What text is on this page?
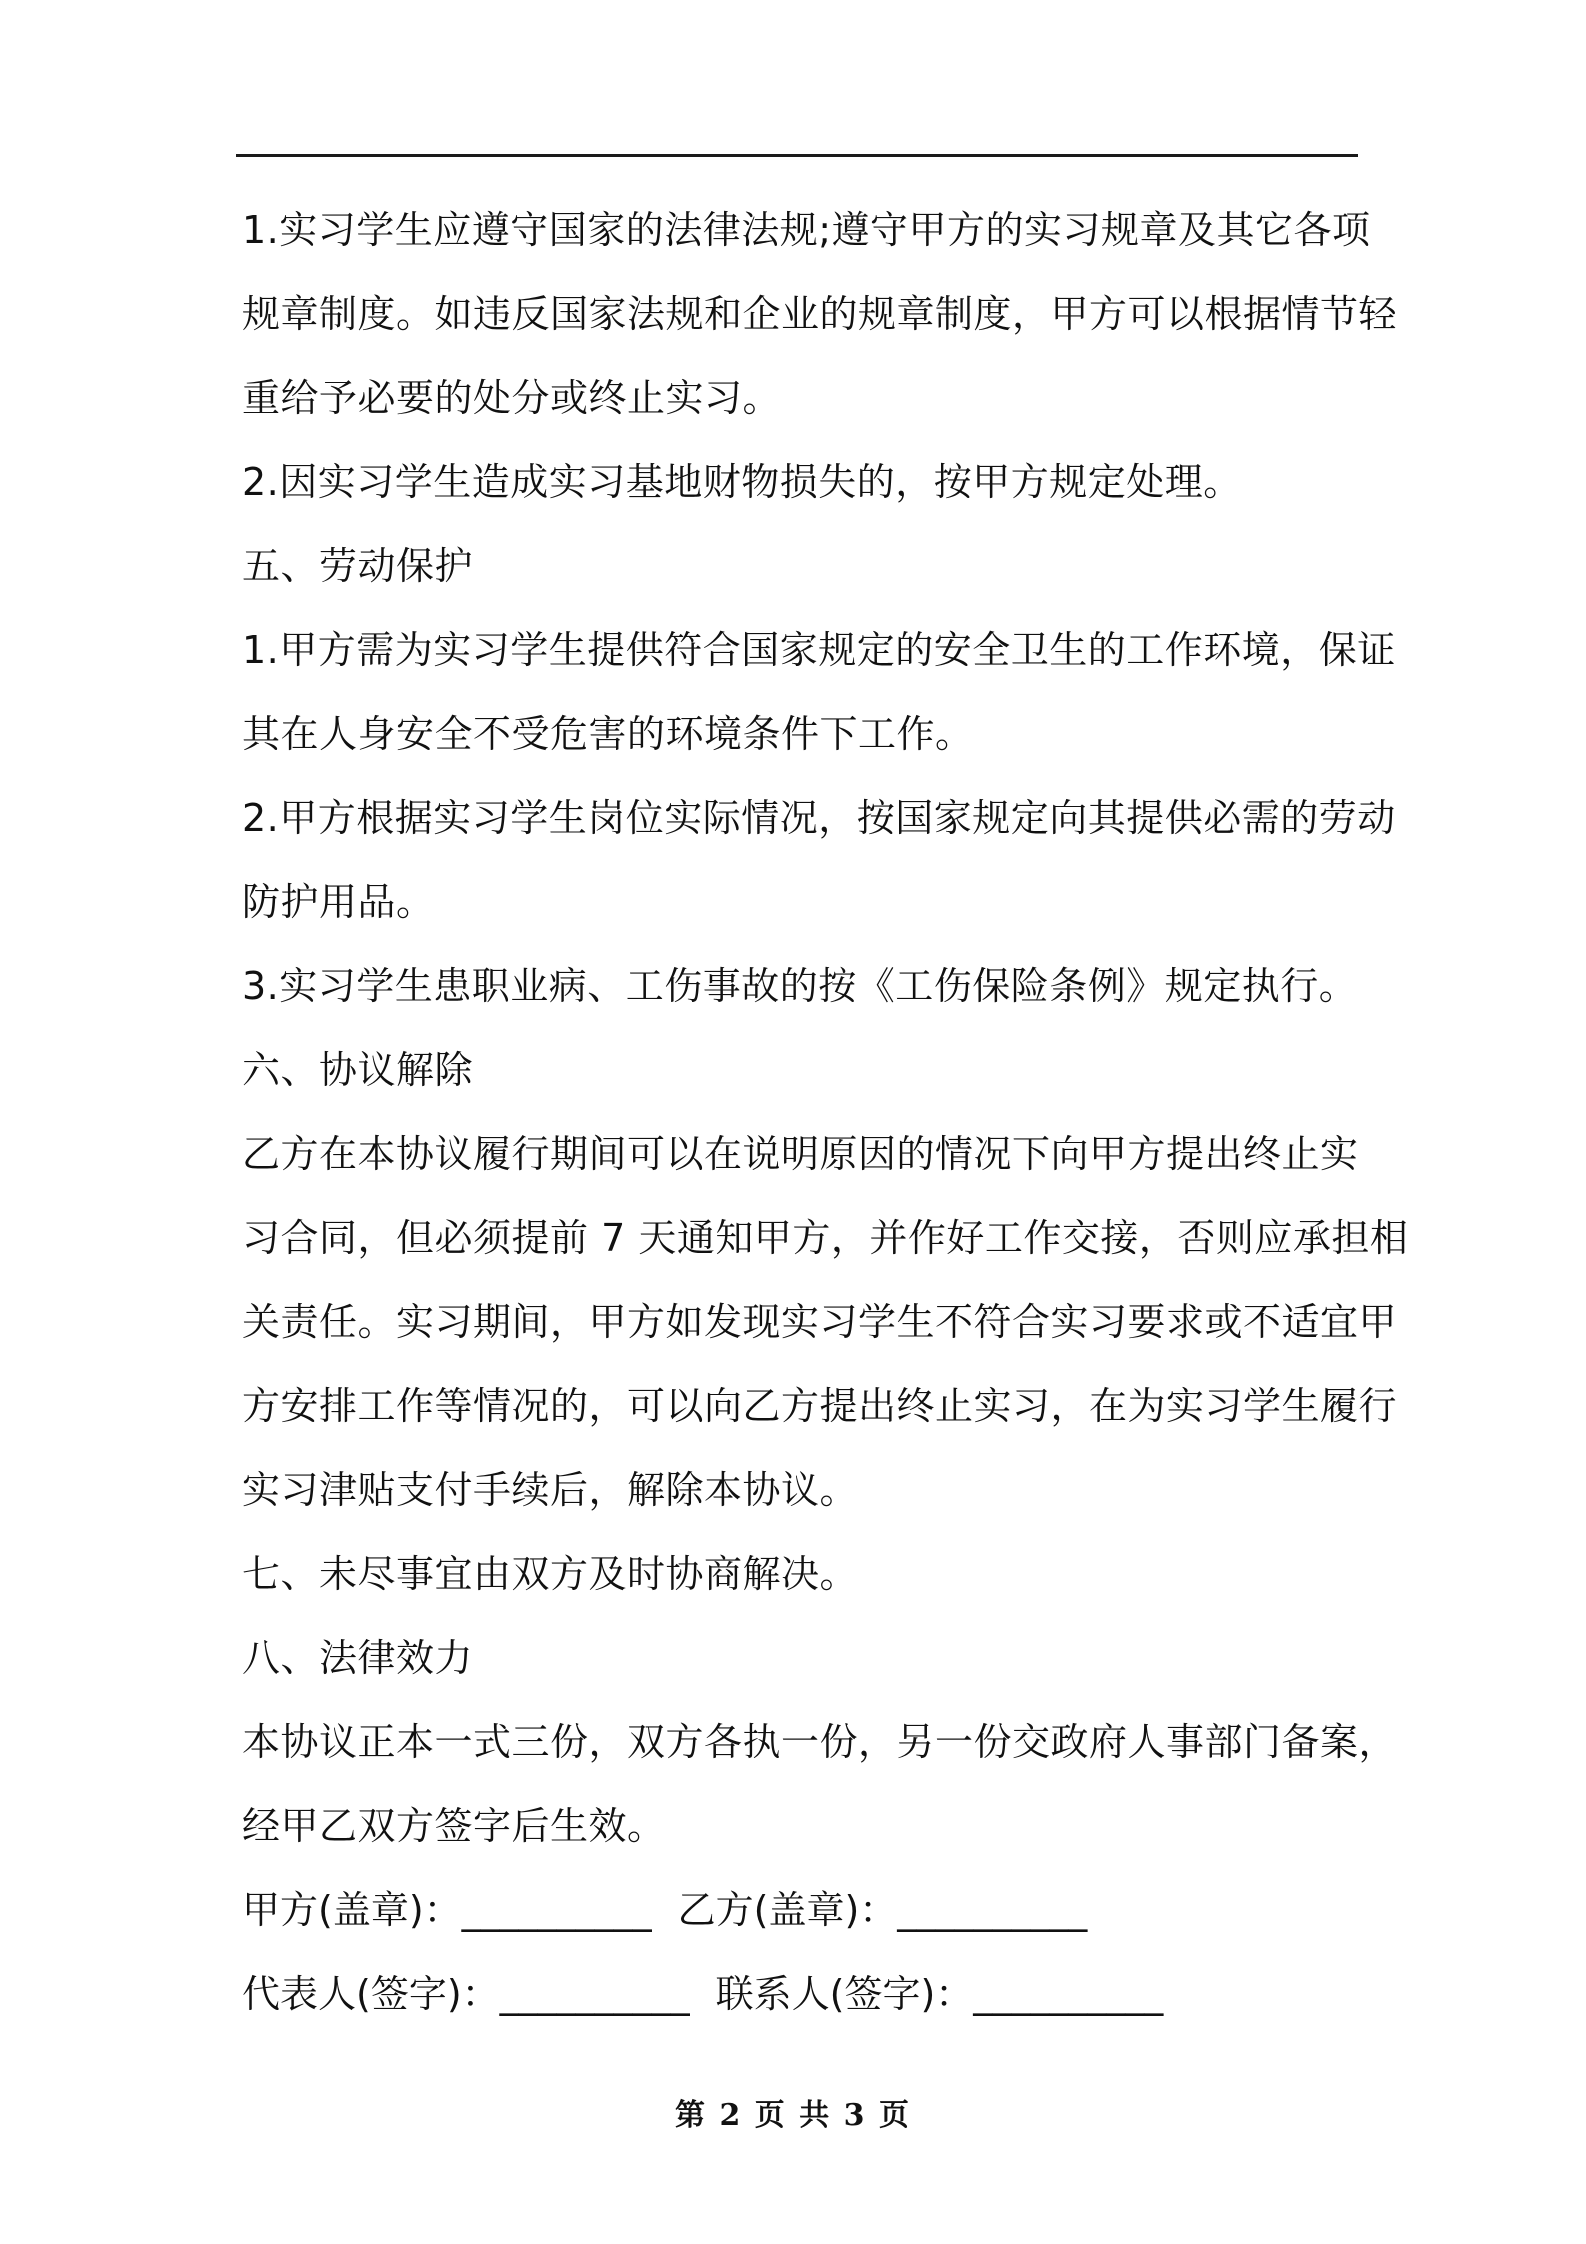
1.实习学生应遵守国家的法律法规;遵守甲方的实习规章及其它各项
规章制度。如违反国家法规和企业的规章制度，甲方可以根据情节轻
重给予必要的处分或终止实习。
2.因实习学生造成实习基地财物损失的，按甲方规定处理。
五、劳动保护
1.甲方需为实习学生提供符合国家规定的安全卫生的工作环境，保证
其在人身安全不受危害的环境条件下工作。
2.甲方根据实习学生岗位实际情况，按国家规定向其提供必需的劳动
防护用品。
3.实习学生患职业病、工伤事故的按《工伤保险条例》规定执行。
六、协议解除
乙方在本协议履行期间可以在说明原因的情况下向甲方提出终止实
习合同，但必须提前 7 天通知甲方，并作好工作交接，否则应承担相
关责任。实习期间，甲方如发现实习学生不符合实习要求或不适宜甲
方安排工作等情况的，可以向乙方提出终止实习，在为实习学生履行
实习津贴支付手续后，解除本协议。
七、未尽事宜由双方及时协商解决。
八、法律效力
本协议正本一式三份，双方各执一份，另一份交政府人事部门备案，
经甲乙双方签字后生效。
甲方(盖章)：__________ 乙方(盖章)：__________
代表人(签字)：__________ 联系人(签字)：__________
第 2 页 共 3 页
